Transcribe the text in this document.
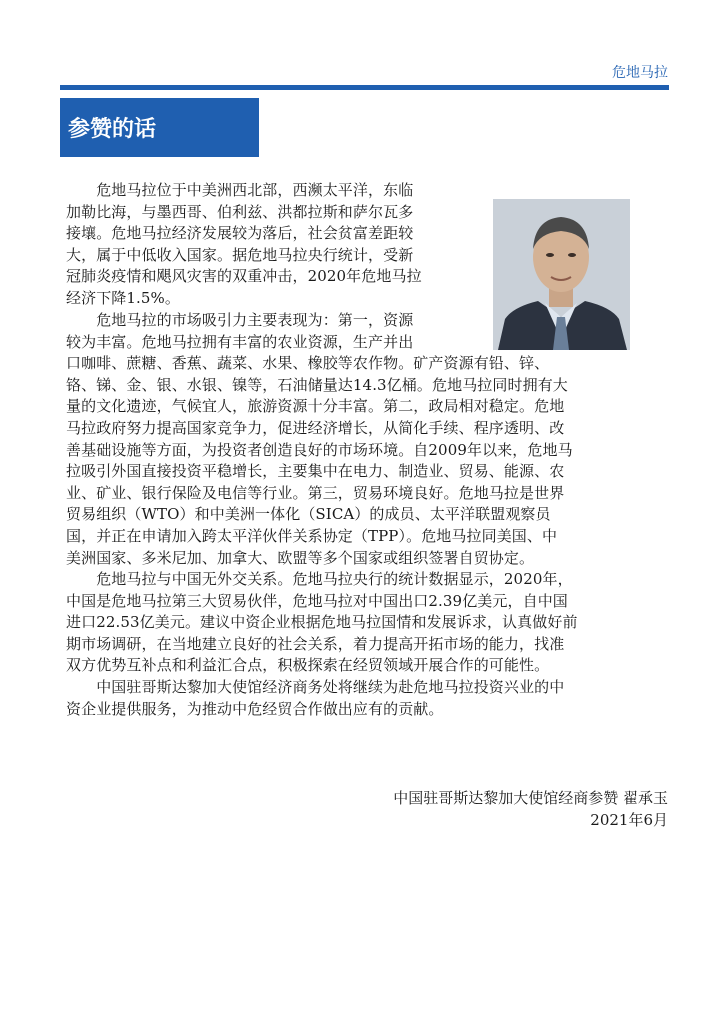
危地马拉
参赞的话
　　危地马拉位于中美洲西北部，西濒太平洋，东临
加勒比海，与墨西哥、伯利兹、洪都拉斯和萨尔瓦多
接壤。危地马拉经济发展较为落后，社会贫富差距较
大，属于中低收入国家。据危地马拉央行统计，受新
冠肺炎疫情和飓风灾害的双重冲击，2020年危地马拉
经济下降1.5%。
　　危地马拉的市场吸引力主要表现为：第一，资源
较为丰富。危地马拉拥有丰富的农业资源，生产并出
口咖啡、蔗糖、香蕉、蔬菜、水果、橡胶等农作物。矿产资源有铅、锌、
铬、锑、金、银、水银、镍等，石油储量达14.3亿桶。危地马拉同时拥有大
量的文化遗迹，气候宜人，旅游资源十分丰富。第二，政局相对稳定。危地
马拉政府努力提高国家竞争力，促进经济增长，从简化手续、程序透明、改
善基础设施等方面，为投资者创造良好的市场环境。自2009年以来，危地马
拉吸引外国直接投资平稳增长，主要集中在电力、制造业、贸易、能源、农
业、矿业、银行保险及电信等行业。第三，贸易环境良好。危地马拉是世界
贸易组织（WTO）和中美洲一体化（SICA）的成员、太平洋联盟观察员
国，并正在申请加入跨太平洋伙伴关系协定（TPP）。危地马拉同美国、中
美洲国家、多米尼加、加拿大、欧盟等多个国家或组织签署自贸协定。
　　危地马拉与中国无外交关系。危地马拉央行的统计数据显示，2020年，
中国是危地马拉第三大贸易伙伴，危地马拉对中国出口2.39亿美元，自中国
进口22.53亿美元。建议中资企业根据危地马拉国情和发展诉求，认真做好前
期市场调研，在当地建立良好的社会关系，着力提高开拓市场的能力，找准
双方优势互补点和利益汇合点，积极探索在经贸领域开展合作的可能性。
　　中国驻哥斯达黎加大使馆经济商务处将继续为赴危地马拉投资兴业的中
资企业提供服务，为推动中危经贸合作做出应有的贡献。
中国驻哥斯达黎加大使馆经商参赞 翟承玉
2021年6月
